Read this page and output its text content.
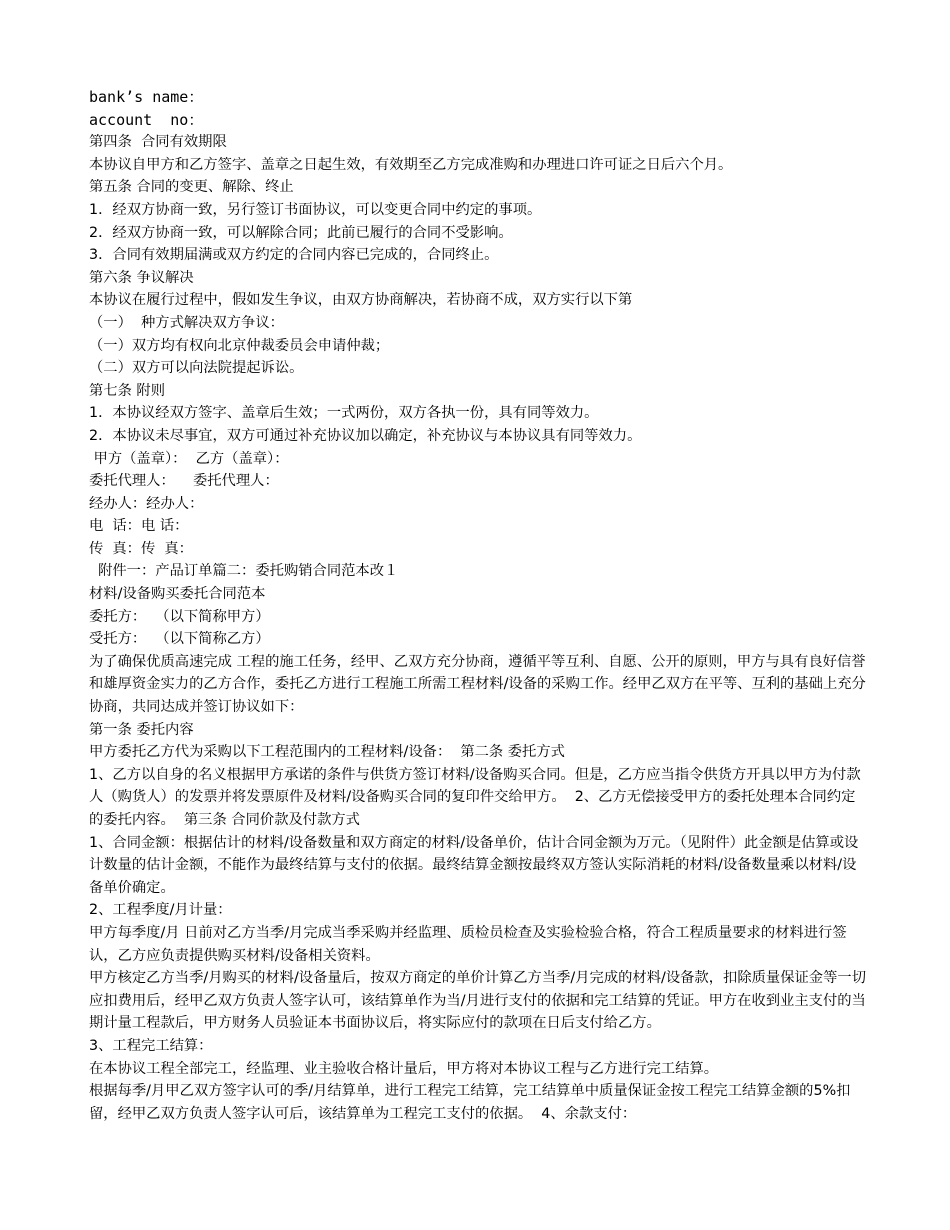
bank’s name：

account  no：

第四条  合同有效期限

本协议自甲方和乙方签字、盖章之日起生效，有效期至乙方完成准购和办理进口许可证之日后六个月。

第五条 合同的变更、解除、终止

1．经双方协商一致，另行签订书面协议，可以变更合同中约定的事项。

2．经双方协商一致，可以解除合同；此前已履行的合同不受影响。

3．合同有效期届满或双方约定的合同内容已完成的，合同终止。

第六条 争议解决

本协议在履行过程中，假如发生争议，由双方协商解决，若协商不成，双方实行以下第

（一）  种方式解决双方争议：

（一）双方均有权向北京仲裁委员会申请仲裁；

（二）双方可以向法院提起诉讼。

第七条 附则

1．本协议经双方签字、盖章后生效；一式两份，双方各执一份，具有同等效力。

2．本协议未尽事宜，双方可通过补充协议加以确定，补充协议与本协议具有同等效力。

甲方（盖章）：  乙方（盖章）：

委托代理人：    委托代理人：

经办人：经办人：

电  话：电 话：

传  真：传  真：

附件一：产品订单篇二：委托购销合同范本改１

材料/设备购买委托合同范本

委托方：  （以下简称甲方）

受托方：  （以下简称乙方）

为了确保优质高速完成 工程的施工任务，经甲、乙双方充分协商，遵循平等互利、自愿、公开的原则，甲方与具有良好信誉和雄厚资金实力的乙方合作，委托乙方进行工程施工所需工程材料/设备的采购工作。经甲乙双方在平等、互利的基础上充分协商，共同达成并签订协议如下：

第一条 委托内容

甲方委托乙方代为采购以下工程范围内的工程材料/设备：  第二条 委托方式

1、乙方以自身的名义根据甲方承诺的条件与供货方签订材料/设备购买合同。但是，乙方应当指令供货方开具以甲方为付款人（购货人）的发票并将发票原件及材料/设备购买合同的复印件交给甲方。  2、乙方无偿接受甲方的委托处理本合同约定的委托内容。  第三条 合同价款及付款方式

1、合同金额：根据估计的材料/设备数量和双方商定的材料/设备单价，估计合同金额为万元。（见附件）此金额是估算或设计数量的估计金额，不能作为最终结算与支付的依据。最终结算金额按最终双方签认实际消耗的材料/设备数量乘以材料/设备单价确定。

2、工程季度/月计量：

甲方每季度/月 日前对乙方当季/月完成当季采购并经监理、质检员检查及实验检验合格，符合工程质量要求的材料进行签认，乙方应负责提供购买材料/设备相关资料。

甲方核定乙方当季/月购买的材料/设备量后，按双方商定的单价计算乙方当季/月完成的材料/设备款，扣除质量保证金等一切应扣费用后，经甲乙双方负责人签字认可，该结算单作为当/月进行支付的依据和完工结算的凭证。甲方在收到业主支付的当期计量工程款后，甲方财务人员验证本书面协议后，将实际应付的款项在日后支付给乙方。

3、工程完工结算：

在本协议工程全部完工，经监理、业主验收合格计量后，甲方将对本协议工程与乙方进行完工结算。

根据每季/月甲乙双方签字认可的季/月结算单，进行工程完工结算，完工结算单中质量保证金按工程完工结算金额的5%扣留，经甲乙双方负责人签字认可后，该结算单为工程完工支付的依据。  4、余款支付：
